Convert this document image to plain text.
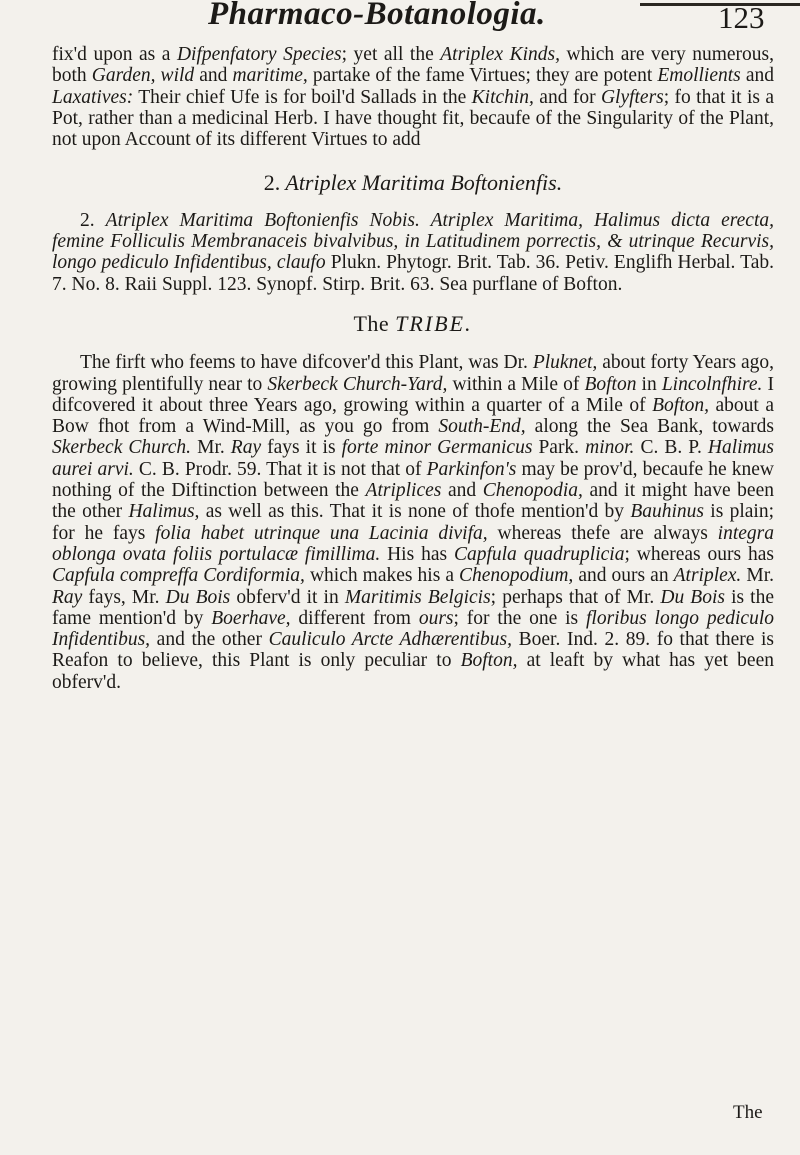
Pharmaco-Botanologia.	123

fix'd upon as a Difpenfatory Species; yet all the Atriplex Kinds, which are very numerous, both Garden, wild and maritime, partake of the fame Virtues; they are potent Emollients and Laxatives: Their chief Ufe is for boil'd Sallads in the Kitchin, and for Glyfters; fo that it is a Pot, rather than a medicinal Herb. I have thought fit, becaufe of the Singularity of the Plant, not upon Account of its different Virtues to add

2. Atriplex Maritima Boftonienfis.

2. Atriplex Maritima Boftonienfis Nobis. Atriplex Maritima, Halimus dicta erecta, femine Folliculis Membranaceis bivalvibus, in Latitudinem porrectis, & utrinque Recurvis, longo pediculo Infidentibus, claufo Plukn. Phytogr. Brit. Tab. 36. Petiv. Englifh Herbal. Tab. 7. No. 8. Raii Suppl. 123. Synopf. Stirp. Brit. 63. Sea purflane of Bofton.

The TRIBE.

The firft who feems to have difcover'd this Plant, was Dr. Pluknet, about forty Years ago, growing plentifully near to Skerbeck Church-Yard, within a Mile of Bofton in Lincolnfhire. I difcovered it about three Years ago, growing within a quarter of a Mile of Bofton, about a Bow fhot from a Wind-Mill, as you go from South-End, along the Sea Bank, towards Skerbeck Church. Mr. Ray fays it is forte minor Germanicus Park. minor. C. B. P. Halimus aurei arvi. C. B. Prodr. 59. That it is not that of Parkinfon's may be prov'd, becaufe he knew nothing of the Diftinction between the Atriplices and Chenopodia, and it might have been the other Halimus, as well as this. That it is none of thofe mention'd by Bauhinus is plain; for he fays folia habet utrinque una Lacinia divifa, whereas thefe are always integra oblonga ovata foliis portulacæ fimillima. His has Capfula quadruplicia; whereas ours has Capfula compreffa Cordiformia, which makes his a Chenopodium, and ours an Atriplex. Mr. Ray fays, Mr. Du Bois obferv'd it in Maritimis Belgicis; perhaps that of Mr. Du Bois is the fame mention'd by Boerhave, different from ours; for the one is floribus longo pediculo Infidentibus, and the other Cauliculo Arcte Adhærentibus, Boer. Ind. 2. 89. fo that there is Reafon to believe, this Plant is only peculiar to Bofton, at leaft by what has yet been obferv'd.

The
